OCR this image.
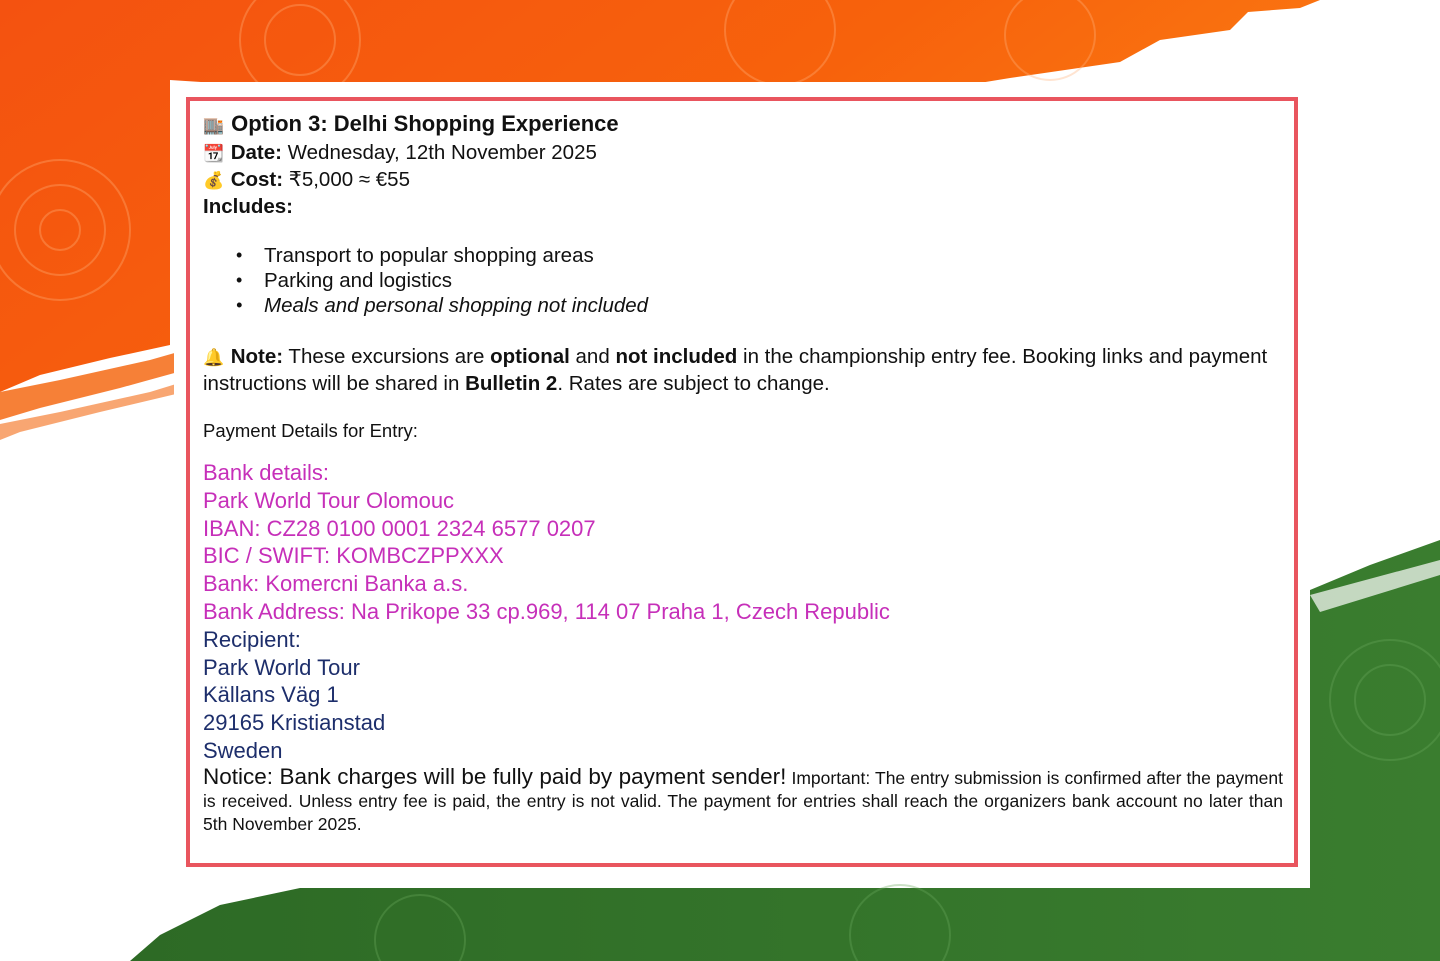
🏬 Option 3: Delhi Shopping Experience

📆 Date: Wednesday, 12th November 2025

💰 Cost: ₹5,000 ≈ €55

Includes:

• Transport to popular shopping areas
• Parking and logistics
• Meals and personal shopping not included

🔔 Note: These excursions are optional and not included in the championship entry fee. Booking links and payment instructions will be shared in Bulletin 2. Rates are subject to change.

Payment Details for Entry:

Bank details:
Park World Tour Olomouc
IBAN: CZ28 0100 0001 2324 6577 0207
BIC / SWIFT: KOMBCZPPXXX
Bank: Komercni Banka a.s.
Bank Address: Na Prikope 33 cp.969, 114 07 Praha 1, Czech Republic
Recipient:
Park World Tour
Källans Väg 1
29165 Kristianstad
Sweden
Notice: Bank charges will be fully paid by payment sender! Important: The entry submission is confirmed after the payment is received. Unless entry fee is paid, the entry is not valid. The payment for entries shall reach the organizers bank account no later than 5th November 2025.
